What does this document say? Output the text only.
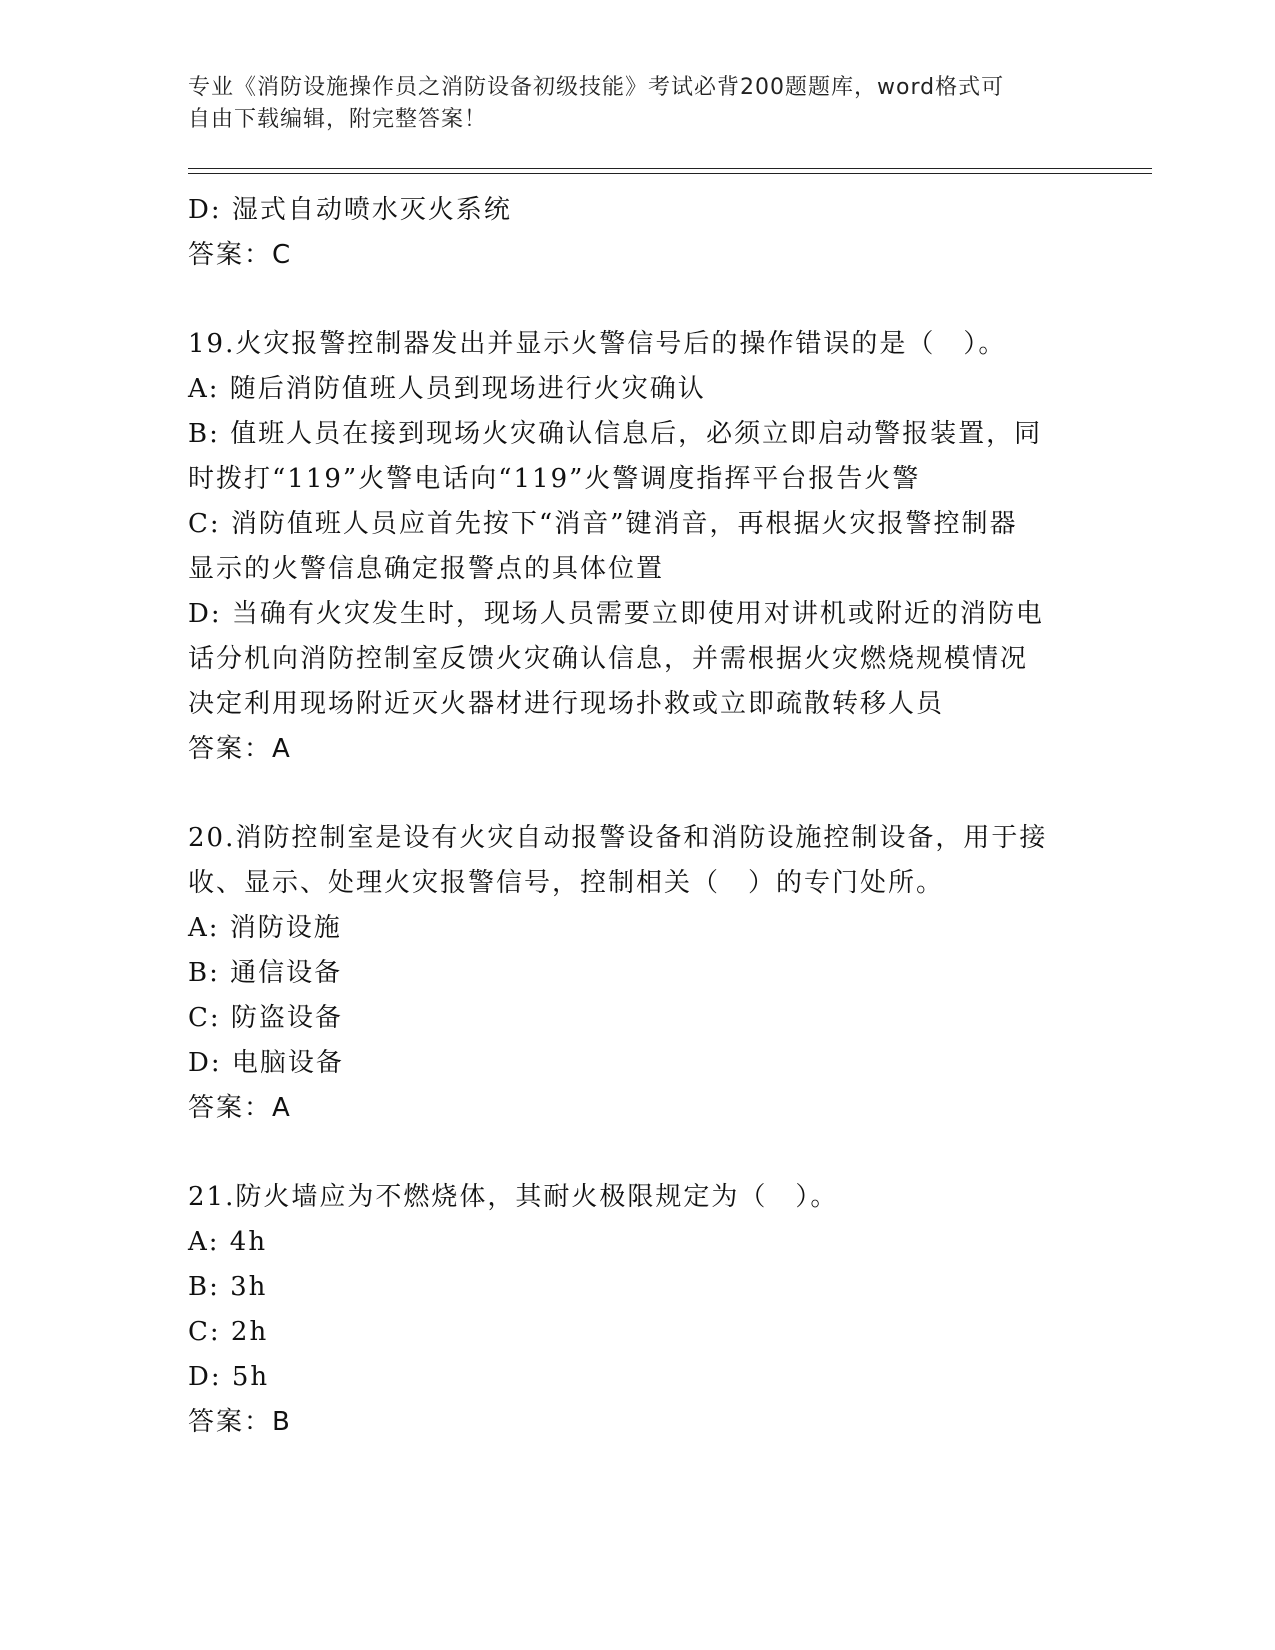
专业《消防设施操作员之消防设备初级技能》考试必背200题题库，word格式可
自由下载编辑，附完整答案！
D: 湿式自动喷水灭火系统
答案：C
19.火灾报警控制器发出并显示火警信号后的操作错误的是（　）。
A: 随后消防值班人员到现场进行火灾确认
B: 值班人员在接到现场火灾确认信息后，必须立即启动警报装置，同
时拨打“119”火警电话向“119”火警调度指挥平台报告火警
C: 消防值班人员应首先按下“消音”键消音，再根据火灾报警控制器
显示的火警信息确定报警点的具体位置
D: 当确有火灾发生时，现场人员需要立即使用对讲机或附近的消防电
话分机向消防控制室反馈火灾确认信息，并需根据火灾燃烧规模情况
决定利用现场附近灭火器材进行现场扑救或立即疏散转移人员
答案：A
20.消防控制室是设有火灾自动报警设备和消防设施控制设备，用于接
收、显示、处理火灾报警信号，控制相关（　）的专门处所。
A: 消防设施
B: 通信设备
C: 防盗设备
D: 电脑设备
答案：A
21.防火墙应为不燃烧体，其耐火极限规定为（　）。
A: 4h
B: 3h
C: 2h
D: 5h
答案：B
